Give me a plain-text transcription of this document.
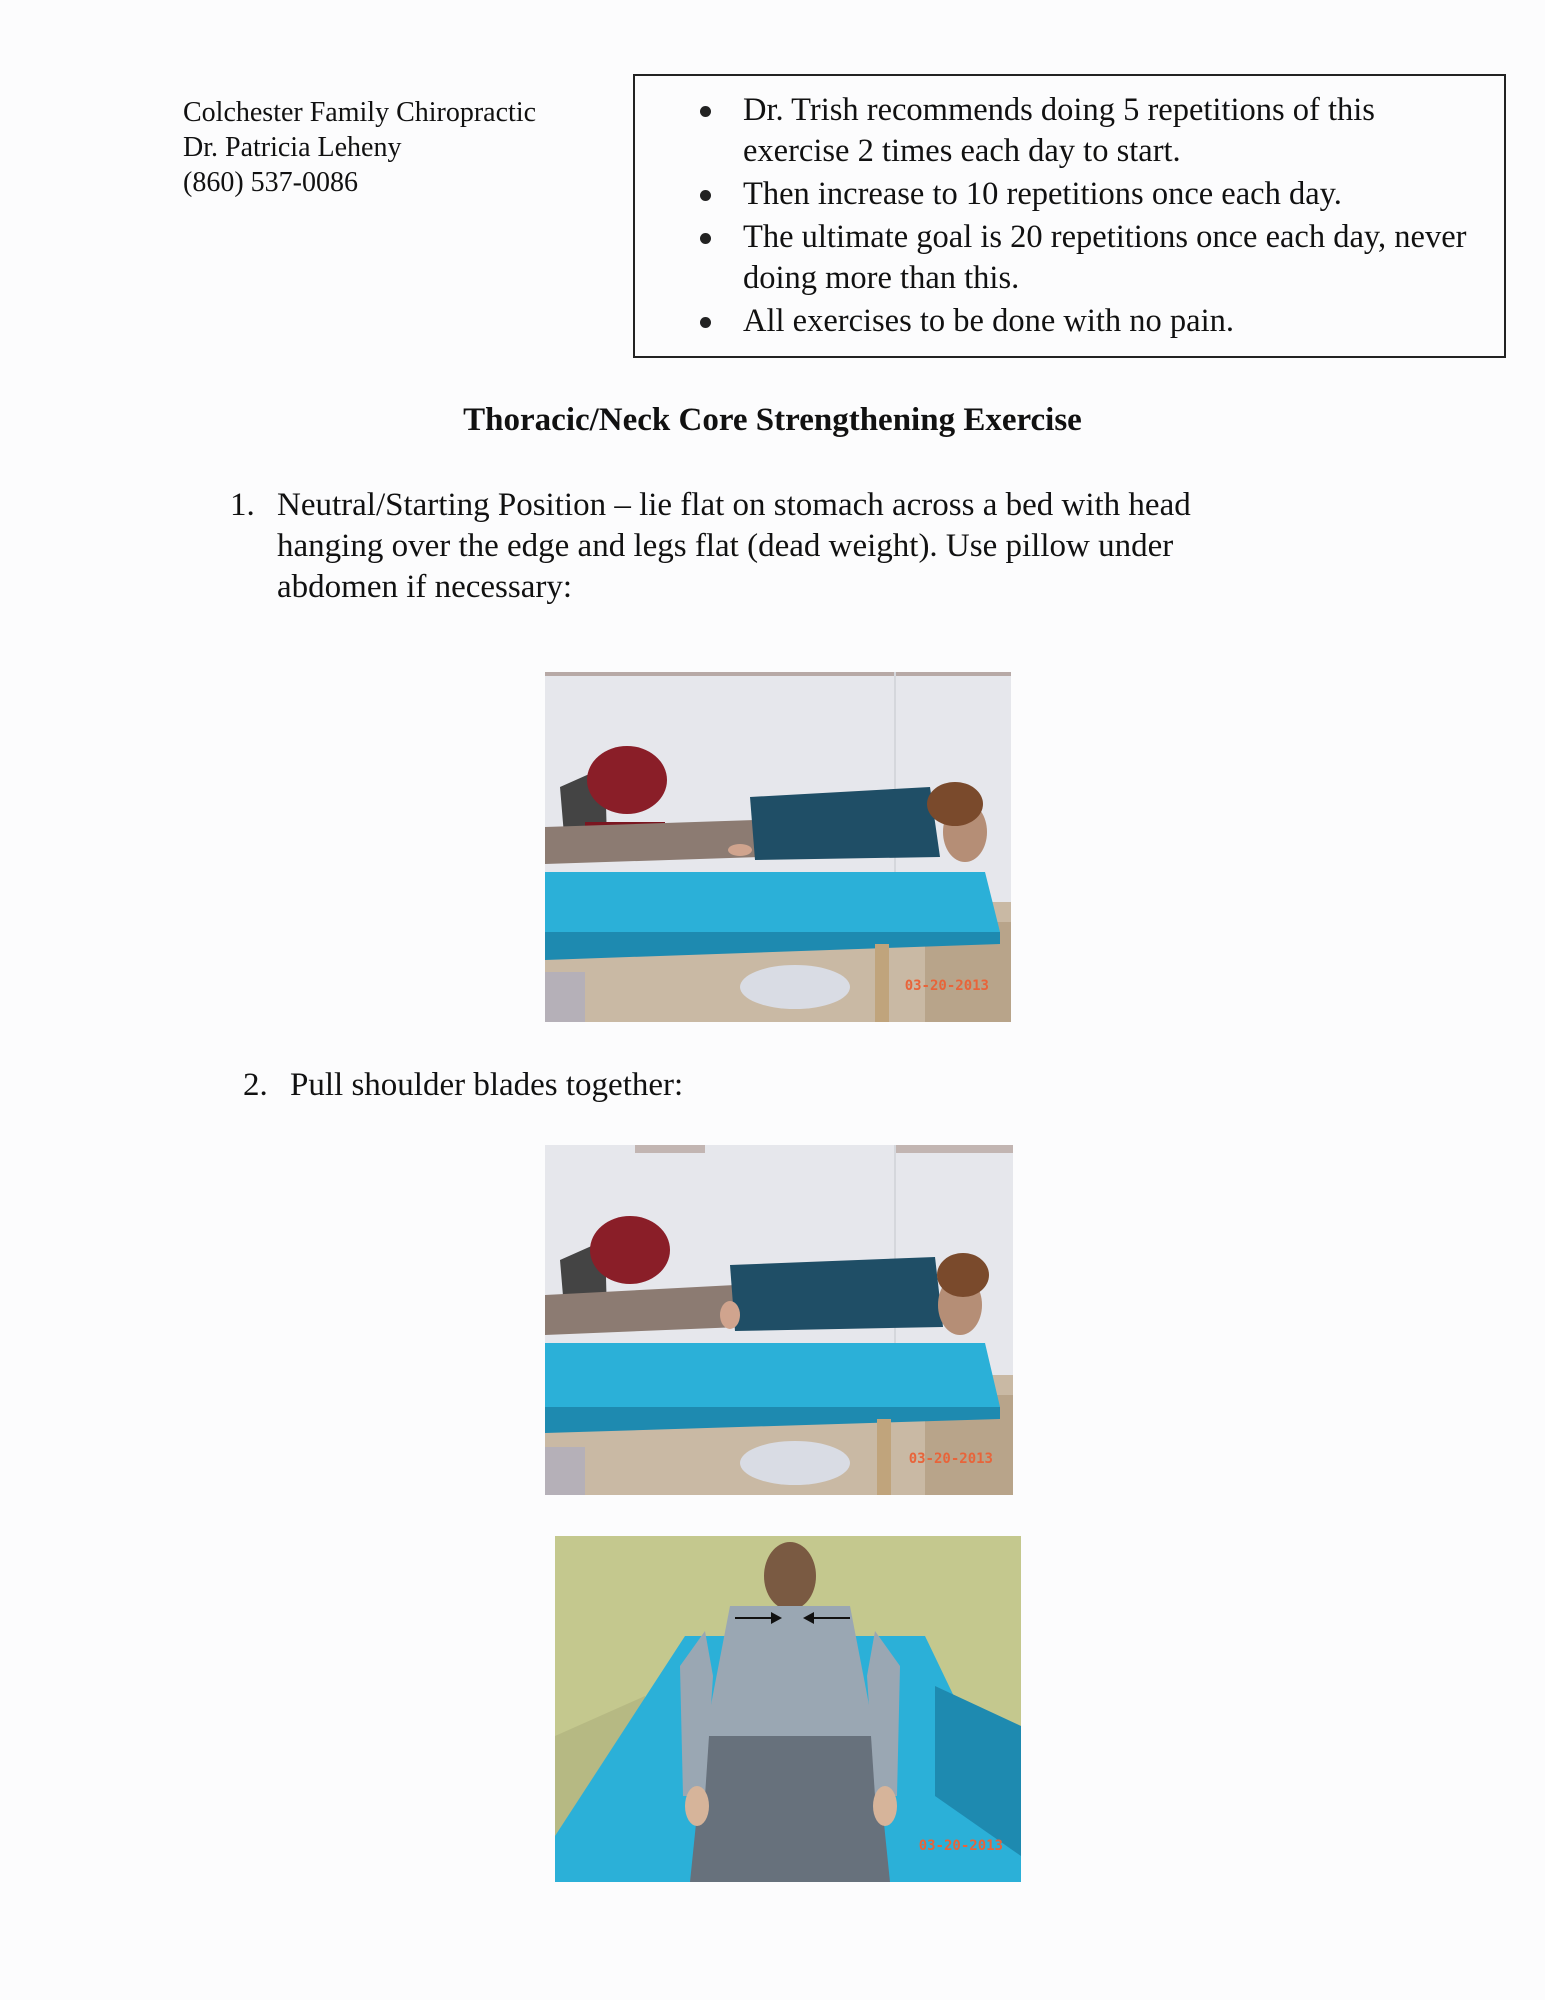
Colchester Family Chiropractic
Dr. Patricia Leheny
(860) 537-0086
Dr. Trish recommends doing 5 repetitions of this exercise 2 times each day to start.
Then increase to 10 repetitions once each day.
The ultimate goal is 20 repetitions once each day, never doing more than this.
All exercises to be done with no pain.
Thoracic/Neck Core Strengthening Exercise
1. Neutral/Starting Position – lie flat on stomach across a bed with head
hanging over the edge and legs flat (dead weight). Use pillow under
abdomen if necessary:
03-20-2013
2. Pull shoulder blades together:
03-20-2013
03-20-2013
